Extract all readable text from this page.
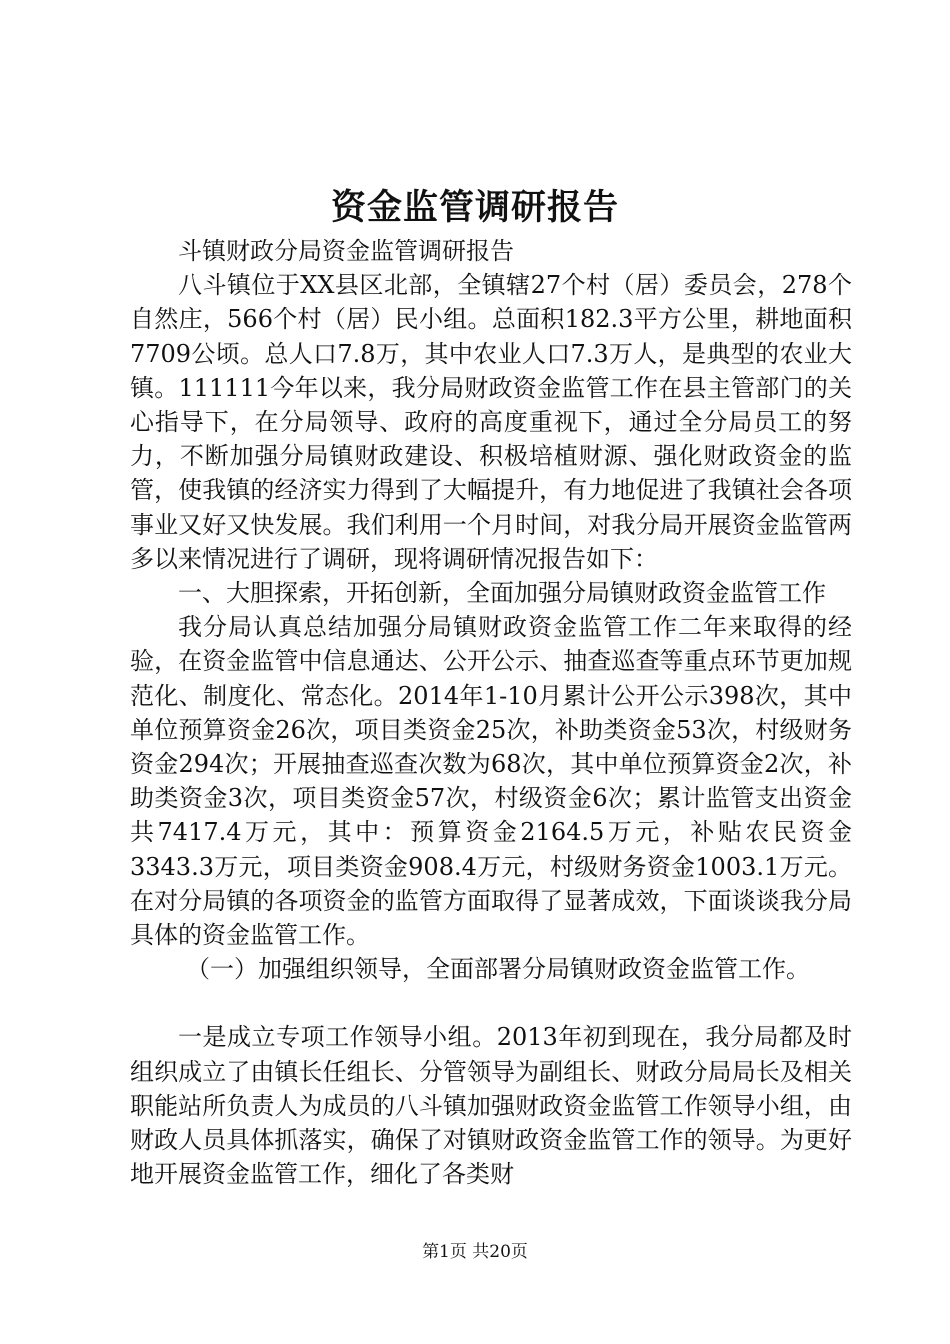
资金监管调研报告

斗镇财政分局资金监管调研报告

八斗镇位于XX县区北部，全镇辖27个村（居）委员会，278个自然庄，566个村（居）民小组。总面积182.3平方公里，耕地面积7709公顷。总人口7.8万，其中农业人口7.3万人，是典型的农业大镇。111111今年以来，我分局财政资金监管工作在县主管部门的关心指导下，在分局领导、政府的高度重视下，通过全分局员工的努力，不断加强分局镇财政建设、积极培植财源、强化财政资金的监管，使我镇的经济实力得到了大幅提升，有力地促进了我镇社会各项事业又好又快发展。我们利用一个月时间，对我分局开展资金监管两多以来情况进行了调研，现将调研情况报告如下：

一、大胆探索，开拓创新，全面加强分局镇财政资金监管工作

我分局认真总结加强分局镇财政资金监管工作二年来取得的经验，在资金监管中信息通达、公开公示、抽查巡查等重点环节更加规范化、制度化、常态化。2014年1-10月累计公开公示398次，其中单位预算资金26次，项目类资金25次，补助类资金53次，村级财务资金294次；开展抽查巡查次数为68次，其中单位预算资金2次，补助类资金3次，项目类资金57次，村级资金6次；累计监管支出资金共7417.4万元，其中：预算资金2164.5万元，补贴农民资金3343.3万元，项目类资金908.4万元，村级财务资金1003.1万元。在对分局镇的各项资金的监管方面取得了显著成效，下面谈谈我分局具体的资金监管工作。

（一）加强组织领导，全面部署分局镇财政资金监管工作。

一是成立专项工作领导小组。2013年初到现在，我分局都及时组织成立了由镇长任组长、分管领导为副组长、财政分局局长及相关职能站所负责人为成员的八斗镇加强财政资金监管工作领导小组，由财政人员具体抓落实，确保了对镇财政资金监管工作的领导。为更好地开展资金监管工作，细化了各类财

第1页 共20页
